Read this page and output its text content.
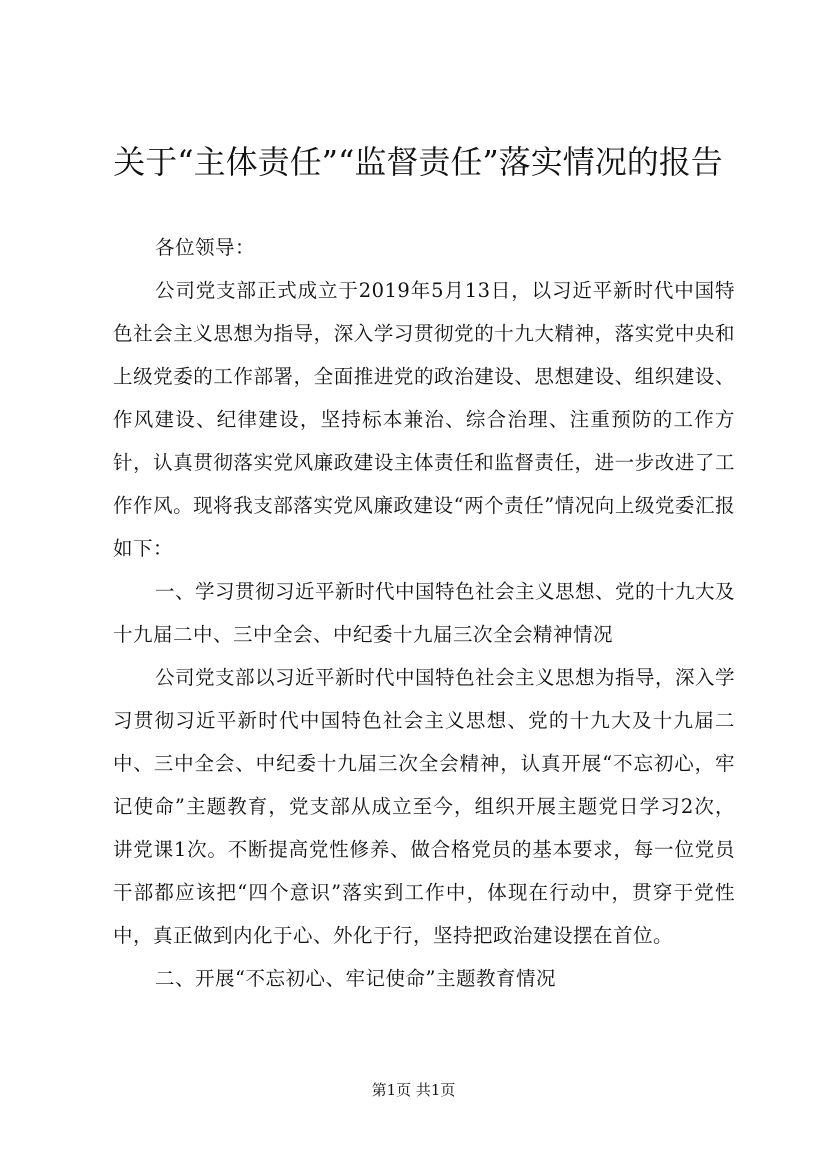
关于“主体责任”“监督责任”落实情况的报告

各位领导：

公司党支部正式成立于2019年5月13日，以习近平新时代中国特色社会主义思想为指导，深入学习贯彻党的十九大精神，落实党中央和上级党委的工作部署，全面推进党的政治建设、思想建设、组织建设、作风建设、纪律建设，坚持标本兼治、综合治理、注重预防的工作方针，认真贯彻落实党风廉政建设主体责任和监督责任，进一步改进了工作作风。现将我支部落实党风廉政建设“两个责任”情况向上级党委汇报如下：

一、学习贯彻习近平新时代中国特色社会主义思想、党的十九大及十九届二中、三中全会、中纪委十九届三次全会精神情况

公司党支部以习近平新时代中国特色社会主义思想为指导，深入学习贯彻习近平新时代中国特色社会主义思想、党的十九大及十九届二中、三中全会、中纪委十九届三次全会精神，认真开展“不忘初心，牢记使命”主题教育，党支部从成立至今，组织开展主题党日学习2次，讲党课1次。不断提高党性修养、做合格党员的基本要求，每一位党员干部都应该把“四个意识”落实到工作中，体现在行动中，贯穿于党性中，真正做到内化于心、外化于行，坚持把政治建设摆在首位。

二、开展“不忘初心、牢记使命”主题教育情况

第1页 共1页
